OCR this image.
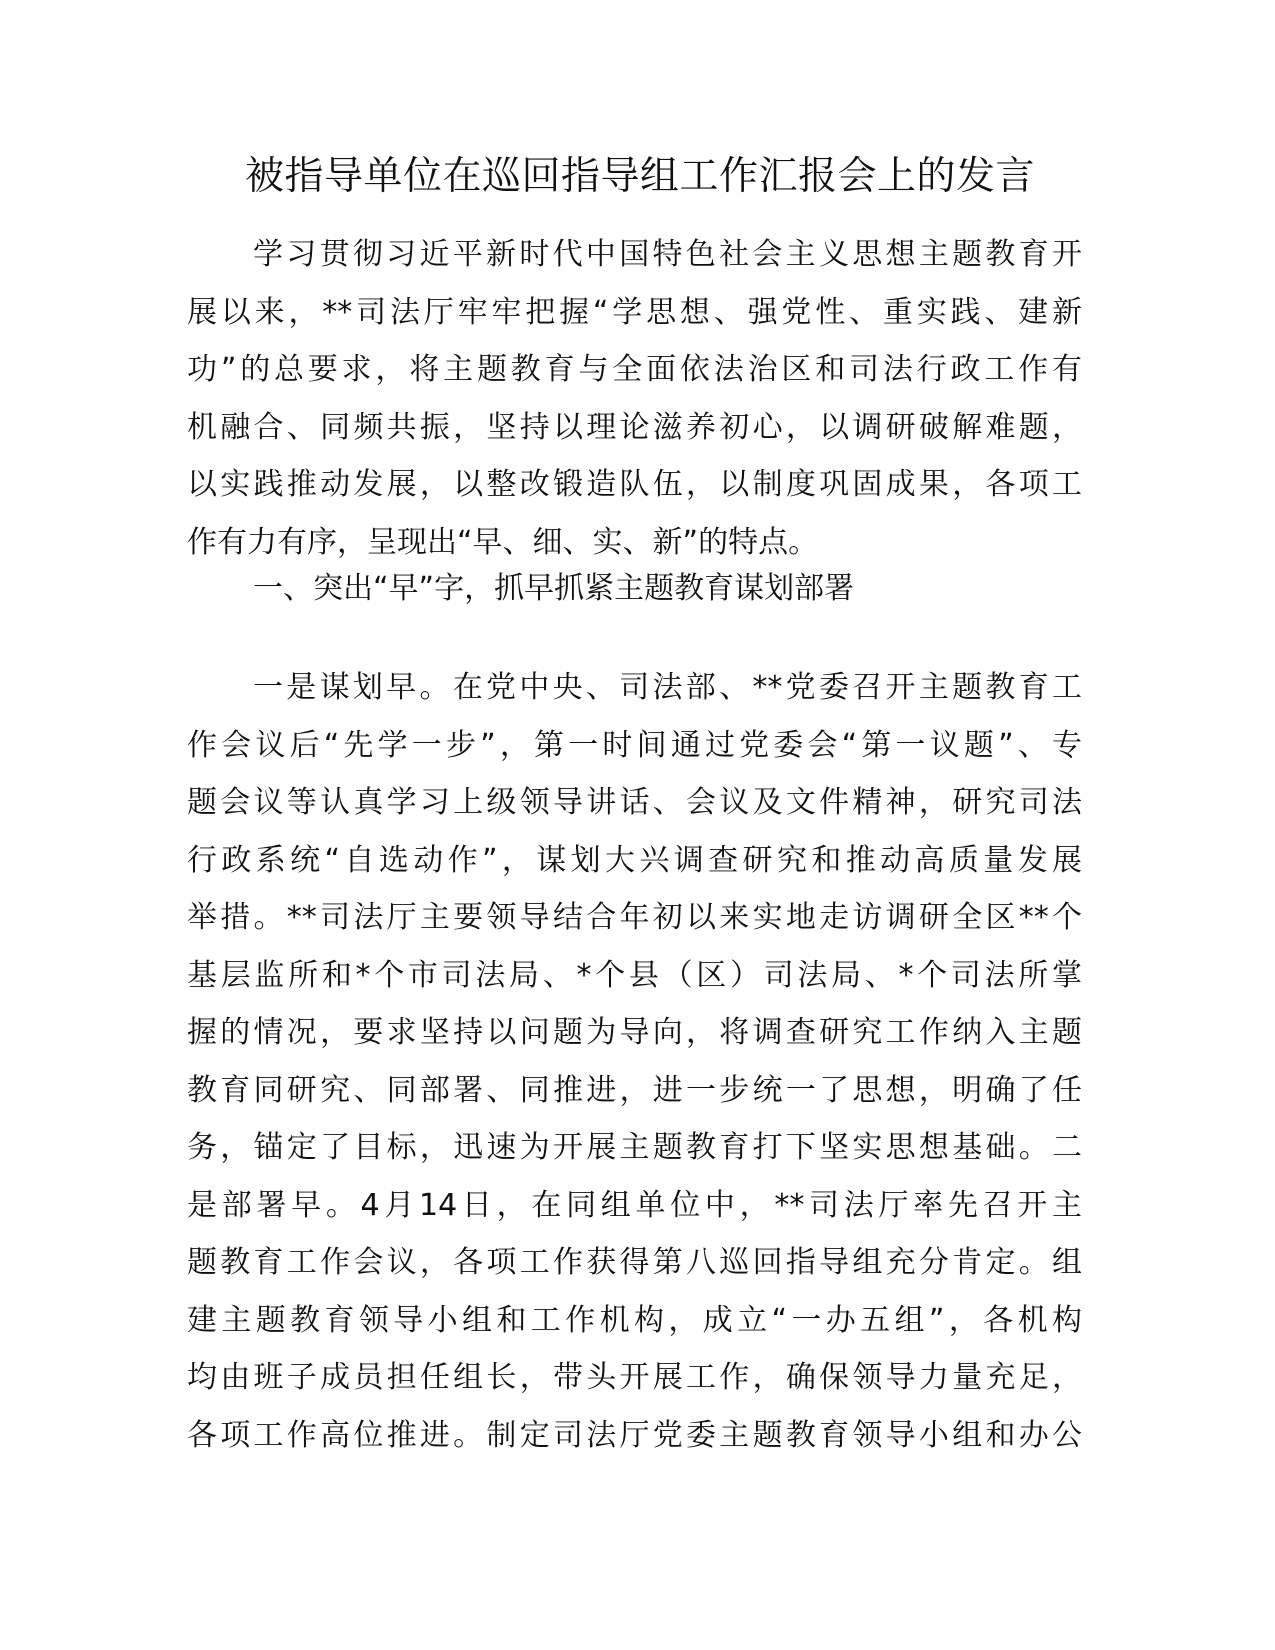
被指导单位在巡回指导组工作汇报会上的发言
学习贯彻习近平新时代中国特色社会主义思想主题教育开
展以来，**司法厅牢牢把握“学思想、强党性、重实践、建新
功”的总要求，将主题教育与全面依法治区和司法行政工作有
机融合、同频共振，坚持以理论滋养初心，以调研破解难题，
以实践推动发展，以整改锻造队伍，以制度巩固成果，各项工
作有力有序，呈现出“早、细、实、新”的特点。
一、突出“早”字，抓早抓紧主题教育谋划部署
一是谋划早。在党中央、司法部、**党委召开主题教育工
作会议后“先学一步”，第一时间通过党委会“第一议题”、专
题会议等认真学习上级领导讲话、会议及文件精神，研究司法
行政系统“自选动作”，谋划大兴调查研究和推动高质量发展
举措。**司法厅主要领导结合年初以来实地走访调研全区**个
基层监所和*个市司法局、*个县（区）司法局、*个司法所掌
握的情况，要求坚持以问题为导向，将调查研究工作纳入主题
教育同研究、同部署、同推进，进一步统一了思想，明确了任
务，锚定了目标，迅速为开展主题教育打下坚实思想基础。二
是部署早。4月14日，在同组单位中，**司法厅率先召开主
题教育工作会议，各项工作获得第八巡回指导组充分肯定。组
建主题教育领导小组和工作机构，成立“一办五组”，各机构
均由班子成员担任组长，带头开展工作，确保领导力量充足，
各项工作高位推进。制定司法厅党委主题教育领导小组和办公
